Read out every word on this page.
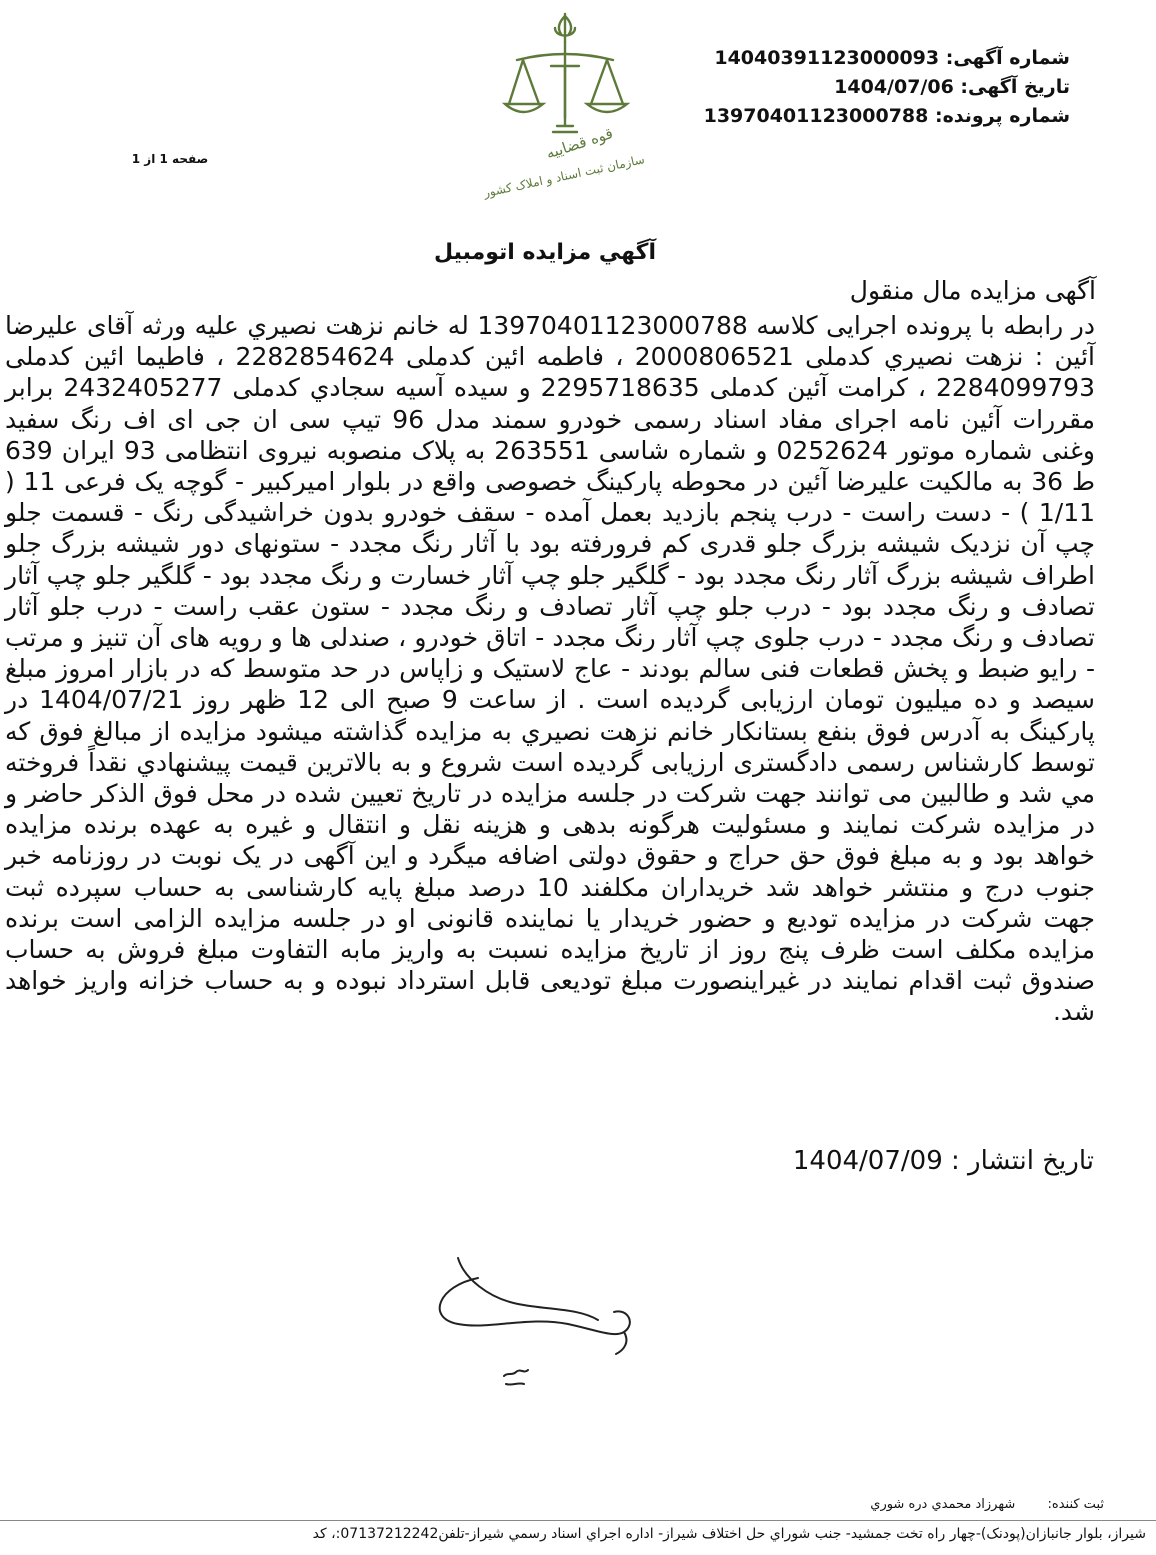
شماره آگهی: 14040391123000093
تاریخ آگهی: 1404/07/06
شماره پرونده: 13970401123000788
قوه قضاییه
سازمان ثبت اسناد و املاک کشور
صفحه 1 از 1
آگهي مزايده اتومبيل
آگهی مزایده مال منقول
در رابطه با پرونده اجرایی کلاسه 13970401123000788 له خانم نزهت نصيري علیه ورثه آقای علیرضا آئین : نزهت نصيري كدملی 2000806521 ، فاطمه ائین کدملی 2282854624 ، فاطیما ائین کدملی 2284099793 ، کرامت آئین کدملی 2295718635 و سیده آسیه سجادي کدملی 2432405277 برابر مقررات آئین نامه اجرای مفاد اسناد رسمی خودرو سمند مدل 96 تیپ سی ان جی ای اف رنگ سفید وغنی شماره موتور 0252624 و شماره شاسی 263551 به پلاک منصوبه نیروی انتظامی 93 ایران 639 ط 36 به مالکیت علیرضا آئین در محوطه پارکینگ خصوصی واقع در بلوار امیرکبیر - گوچه یک فرعی 11 ( 1/11 ) - دست راست - درب پنجم بازدید بعمل آمده - سقف خودرو بدون خراشیدگی رنگ - قسمت جلو چپ آن نزدیک شیشه بزرگ جلو قدری کم فرورفته بود با آثار رنگ مجدد - ستونهای دور شیشه بزرگ جلو اطراف شیشه بزرگ آثار رنگ مجدد بود - گلگیر جلو چپ آثار خسارت و رنگ مجدد بود - گلگیر جلو چپ آثار تصادف و رنگ مجدد بود - درب جلو چپ آثار تصادف و رنگ مجدد - ستون عقب راست - درب جلو آثار تصادف و رنگ مجدد - درب جلوی چپ آثار رنگ مجدد - اتاق خودرو ، صندلی ها و رویه های آن تنیز و مرتب - رایو ضبط و پخش قطعات فنی سالم بودند - عاج لاستیک و زاپاس در حد متوسط که در بازار امروز مبلغ سیصد و ده میلیون تومان ارزیابی گردیده است . از ساعت 9 صبح الی 12 ظهر روز 1404/07/21 در پارکینگ به آدرس فوق بنفع بستانکار خانم نزهت نصيري به مزایده گذاشته میشود مزایده از مبالغ فوق که توسط کارشناس رسمی دادگستری ارزیابی گردیده است شروع و به بالاترین قیمت پیشنهادي نقداً فروخته مي شد و طالبین می توانند جهت شرکت در جلسه مزایده در تاریخ تعیین شده در محل فوق الذکر حاضر و در مزایده شرکت نمایند و مسئولیت هرگونه بدهی و هزینه نقل و انتقال و غیره به عهده برنده مزایده خواهد بود و به مبلغ فوق حق حراج و حقوق دولتی اضافه میگرد و این آگهی در یک نوبت در روزنامه خبر جنوب درج و منتشر خواهد شد خریداران مکلفند 10 درصد مبلغ پایه کارشناسی به حساب سپرده ثبت جهت شرکت در مزایده تودیع و حضور خریدار یا نماینده قانونی او در جلسه مزایده الزامی است برنده مزایده مکلف است ظرف پنج روز از تاریخ مزایده نسبت به واریز مابه التفاوت مبلغ فروش به حساب صندوق ثبت اقدام نمایند در غیراینصورت مبلغ تودیعی قابل استرداد نبوده و به حساب خزانه واریز خواهد شد.
تاریخ انتشار : 1404/07/09
ثبت کننده:  شهرزاد محمدي دره شوري
شیراز، بلوار جانبازان(پودنک)-چهار راه تخت جمشید- جنب شوراي حل اختلاف شیراز- اداره اجراي اسناد رسمي شیراز-تلفن07137212242:، کد
